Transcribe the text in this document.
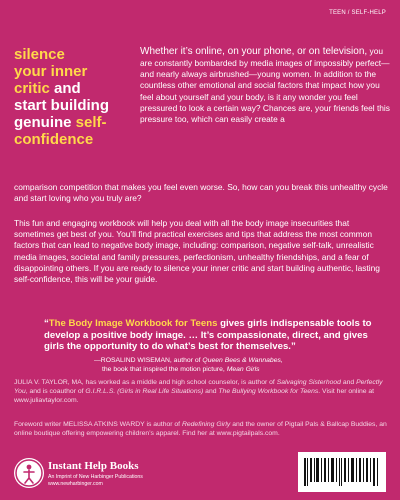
TEEN / SELF-HELP
silence
your inner
critic and
start building
genuine self-
confidence
Whether it’s online, on your phone, or on television, you are constantly bombarded by media images of impossibly perfect—and nearly always airbrushed—young women. In addition to the countless other emotional and social factors that impact how you feel about yourself and your body, is it any wonder you feel pressured to look a certain way? Chances are, your friends feel this pressure too, which can easily create a
comparison competition that makes you feel even worse. So, how can you break this unhealthy cycle and start loving who you truly are?
This fun and engaging workbook will help you deal with all the body image insecurities that sometimes get best of you. You’ll find practical exercises and tips that address the most common factors that can lead to negative body image, including: comparison, negative self-talk, unrealistic media images, societal and family pressures, perfectionism, unhealthy friendships, and a fear of disappointing others. If you are ready to silence your inner critic and start building authentic, lasting self-confidence, this will be your guide.
“The Body Image Workbook for Teens gives girls indispensable tools to develop a positive body image. … It’s compassionate, direct, and gives girls the opportunity to do what’s best for themselves.”
—ROSALIND WISEMAN, author of Queen Bees & Wannabes,
the book that inspired the motion picture, Mean Girls
JULIA V. TAYLOR, MA, has worked as a middle and high school counselor, is author of Salvaging Sisterhood and Perfectly You, and is coauthor of G.I.R.L.S. (Girls in Real Life Situations) and The Bullying Workbook for Teens. Visit her online at www.juliavtaylor.com.
Foreword writer MELISSA ATKINS WARDY is author of Redefining Girly and the owner of Pigtail Pals & Ballcap Buddies, an online boutique offering empowering children’s apparel. Find her at www.pigtailpals.com.
Instant Help Books
An Imprint of New Harbinger Publications
www.newharbinger.com
